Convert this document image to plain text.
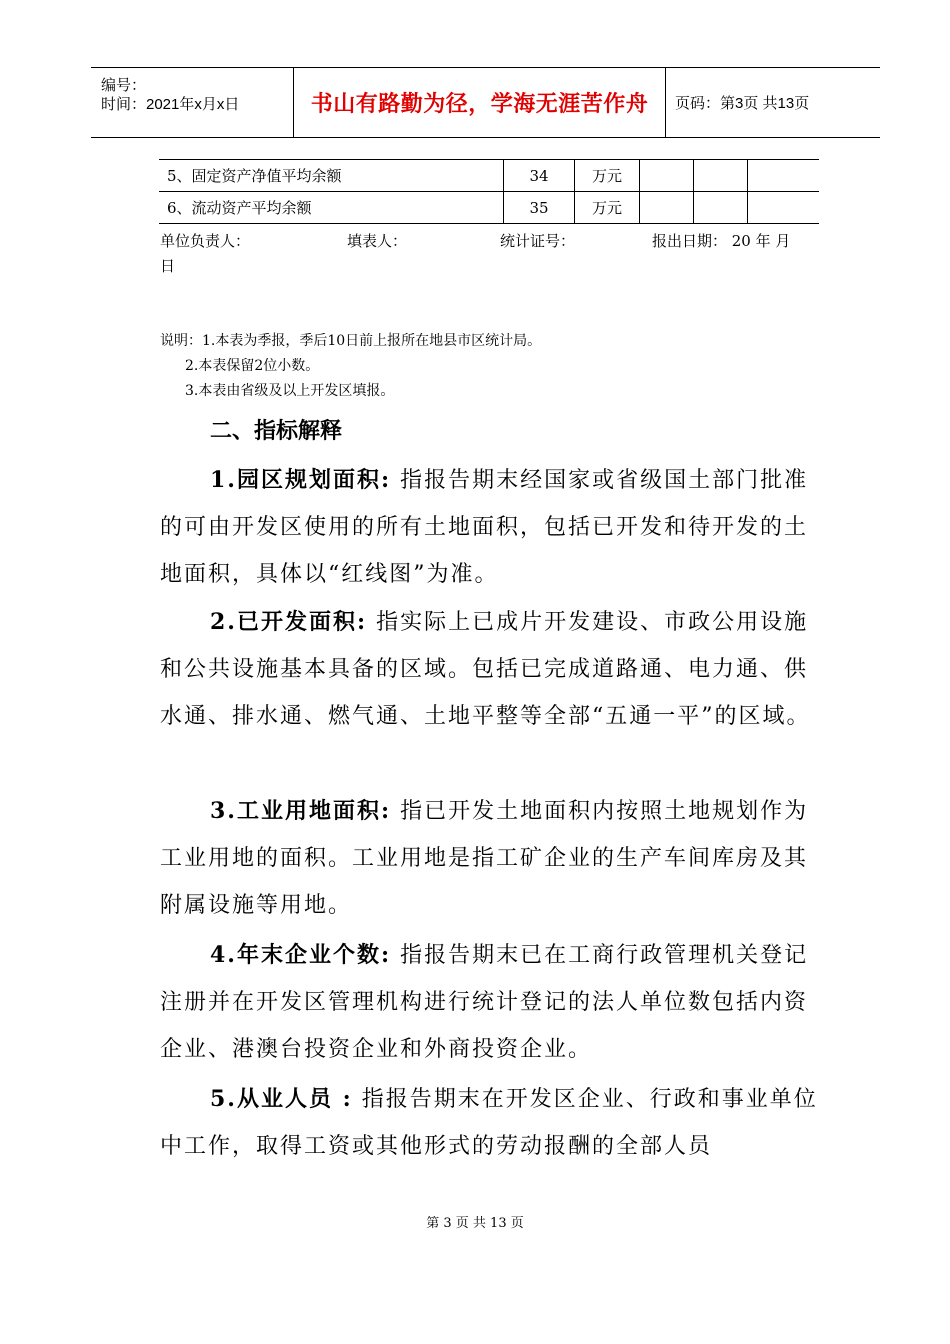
编号：
时间：2021年x月x日	书山有路勤为径，学海无涯苦作舟 页码：第3页 共13页
5、固定资产净值平均余额	34	万元			
6、流动资产平均余额	35	万元			
单位负责人：	填表人：	统计证号：	报出日期： 20 年 月
日
说明：1.本表为季报，季后10日前上报所在地县市区统计局。
2.本表保留2位小数。
3.本表由省级及以上开发区填报。
二、指标解释

1.园区规划面积: 指报告期末经国家或省级国土部门批准的可由开发区使用的所有土地面积，包括已开发和待开发的土地面积，具体以“红线图”为准。

2.已开发面积: 指实际上已成片开发建设、市政公用设施和公共设施基本具备的区域。包括已完成道路通、电力通、供水通、排水通、燃气通、土地平整等全部“五通一平”的区域。

3.工业用地面积: 指已开发土地面积内按照土地规划作为工业用地的面积。工业用地是指工矿企业的生产车间库房及其附属设施等用地。

4.年末企业个数: 指报告期末已在工商行政管理机关登记注册并在开发区管理机构进行统计登记的法人单位数包括内资企业、港澳台投资企业和外商投资企业。

5.从业人员 : 指报告期末在开发区企业、行政和事业单位中工作，取得工资或其他形式的劳动报酬的全部人员

第 3 页 共 13 页
